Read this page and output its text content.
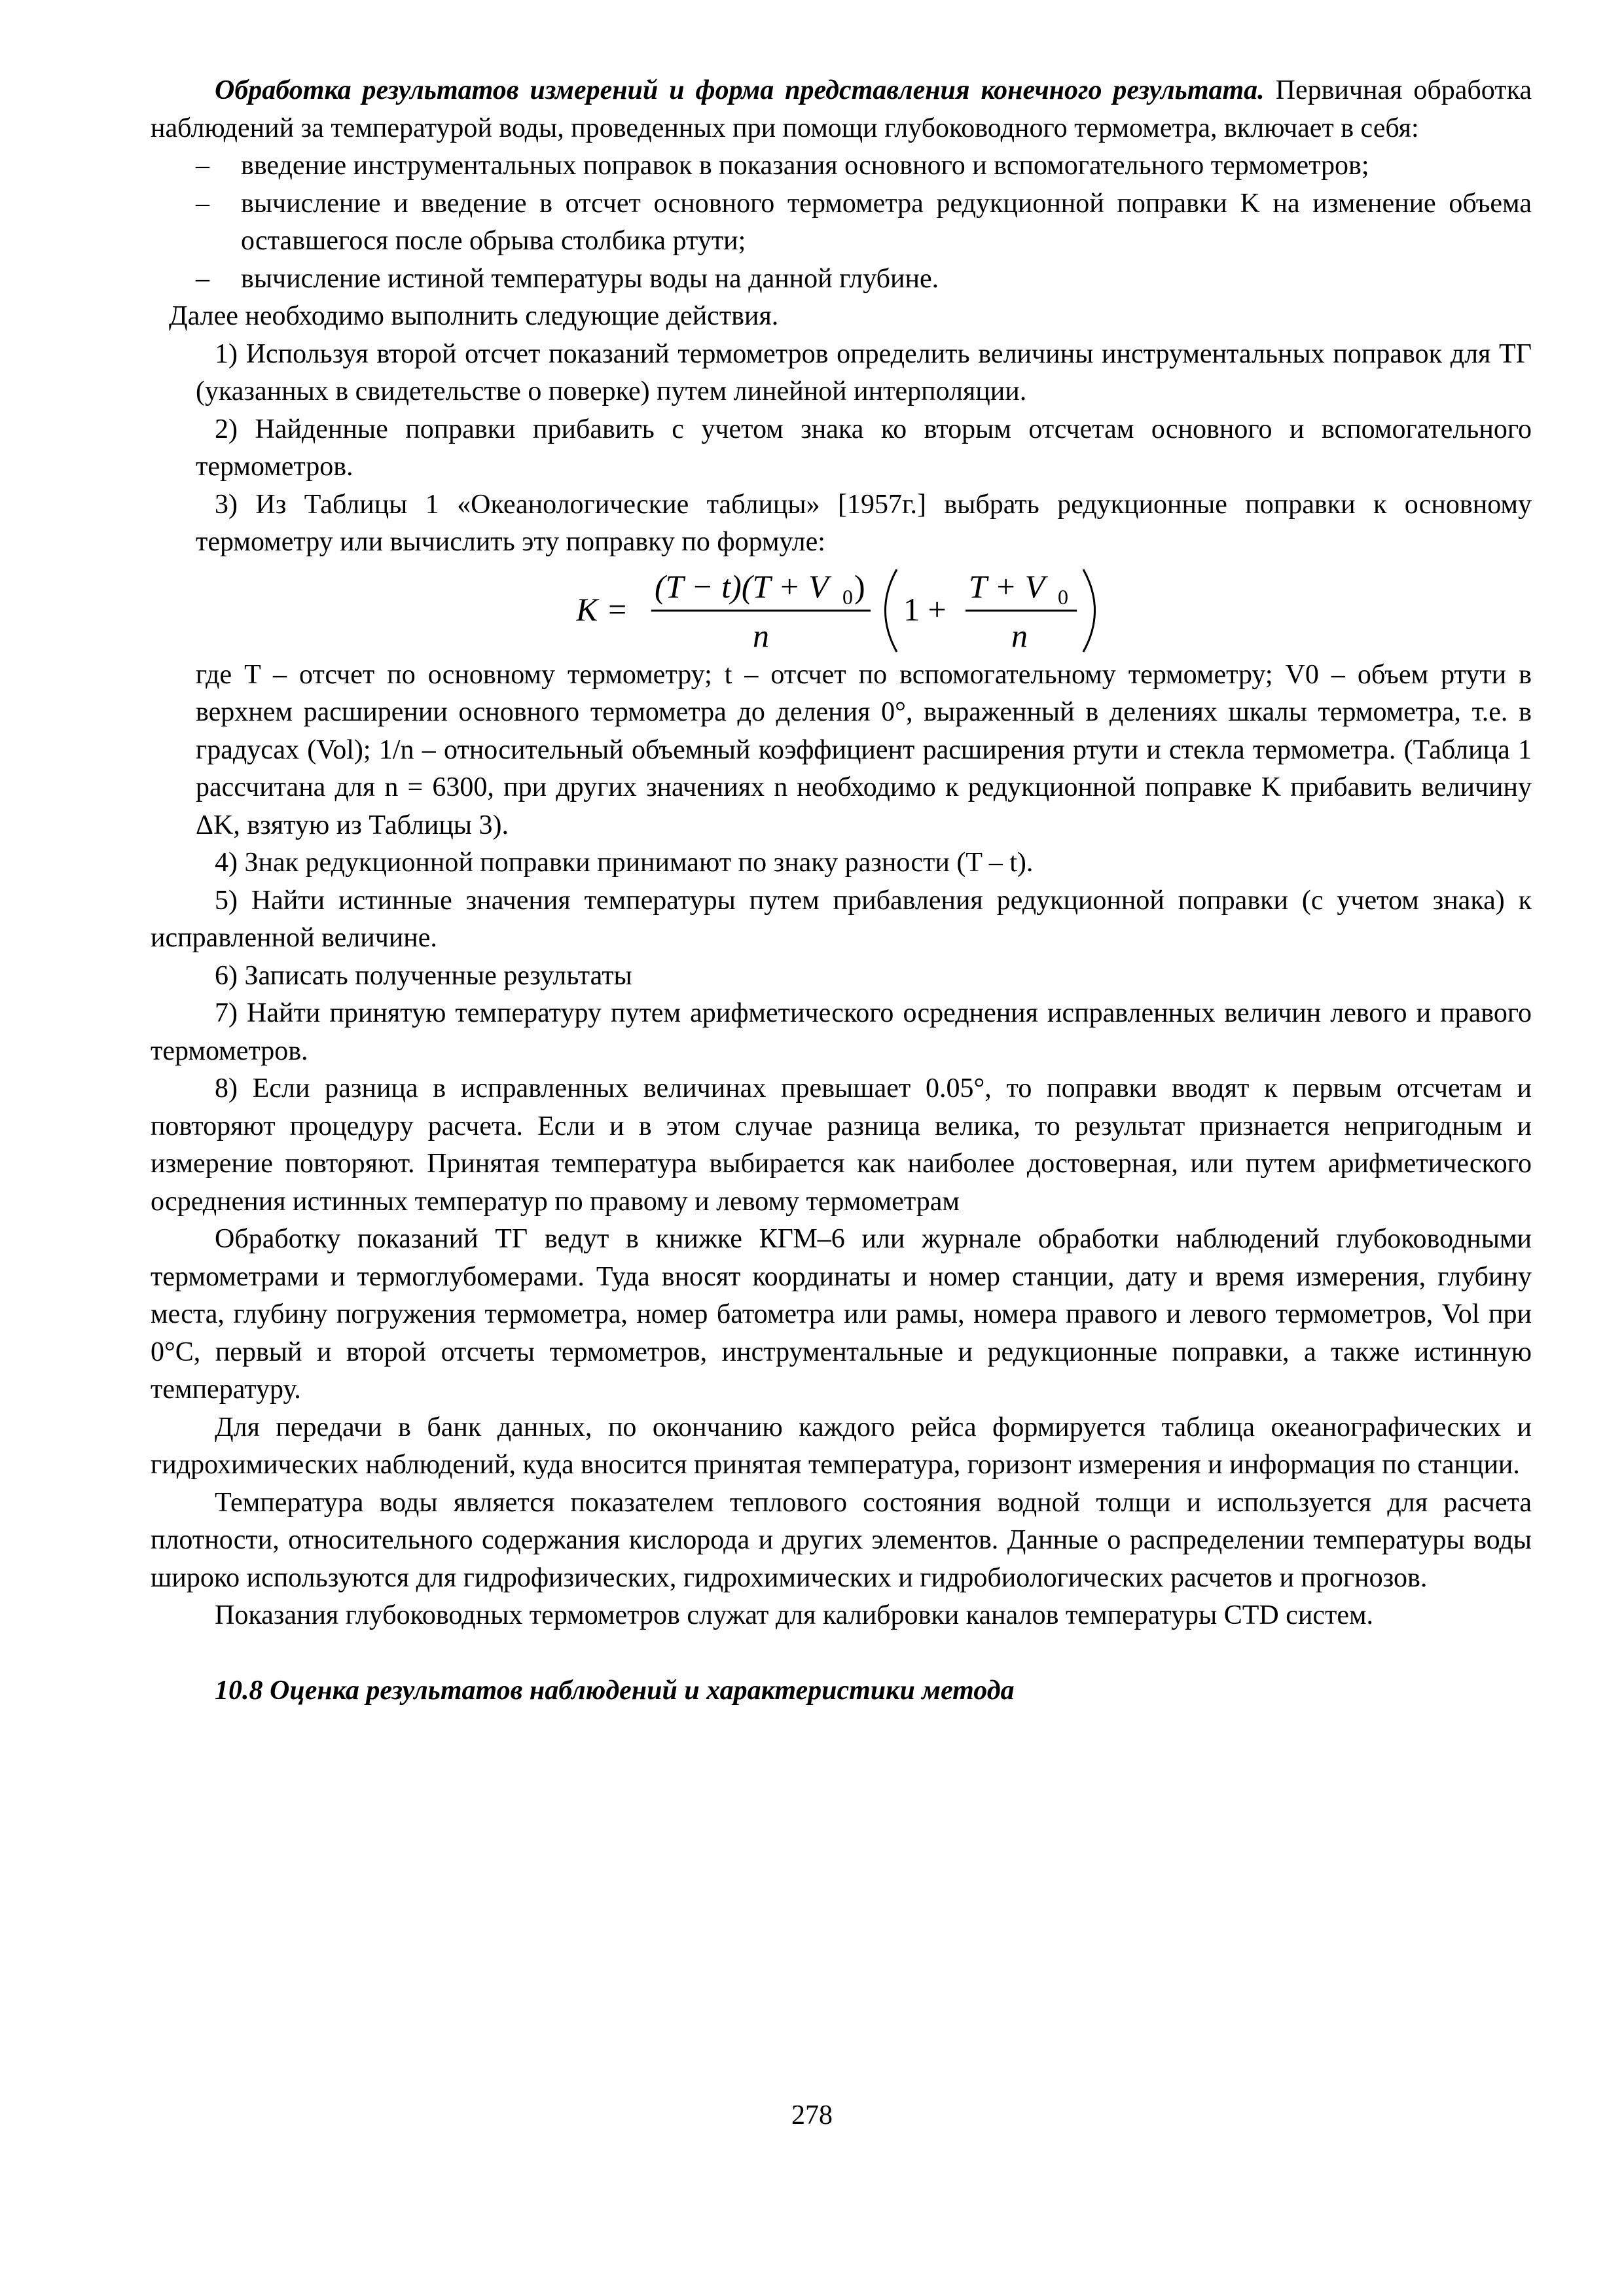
Обработка результатов измерений и форма представления конечного результата. Первичная обработка наблюдений за температурой воды, проведенных при помощи глубоководного термометра, включает в себя:

– введение инструментальных поправок в показания основного и вспомогательного термометров;

– вычисление и введение в отсчет основного термометра редукционной поправки K на изменение объема оставшегося после обрыва столбика ртути;

– вычисление истиной температуры воды на данной глубине.

Далее необходимо выполнить следующие действия.

1) Используя второй отсчет показаний термометров определить величины инструментальных поправок для ТГ (указанных в свидетельстве о поверке) путем линейной интерполяции.

2) Найденные поправки прибавить с учетом знака ко вторым отсчетам основного и вспомогательного термометров.

3) Из Таблицы 1 «Океанологические таблицы» [1957г.] выбрать редукционные поправки к основному термометру или вычислить эту поправку по формуле:

K =
(T − t)(T + V 0 )
n
1 +
T + V 0
n

где T – отсчет по основному термометру; t – отсчет по вспомогательному термометру; V0 – объем ртути в верхнем расширении основного термометра до деления 0°, выраженный в делениях шкалы термометра, т.е. в градусах (Vol); 1/n – относительный объемный коэффициент расширения ртути и стекла термометра. (Таблица 1 рассчитана для n = 6300, при других значениях n необходимо к редукционной поправке K прибавить величину ΔK, взятую из Таблицы 3).

4) Знак редукционной поправки принимают по знаку разности (T – t).

5) Найти истинные значения температуры путем прибавления редукционной поправки (с учетом знака) к исправленной величине.

6) Записать полученные результаты

7) Найти принятую температуру путем арифметического осреднения исправленных величин левого и правого термометров.

8) Если разница в исправленных величинах превышает 0.05°, то поправки вводят к первым отсчетам и повторяют процедуру расчета. Если и в этом случае разница велика, то результат признается непригодным и измерение повторяют. Принятая температура выбирается как наиболее достоверная, или путем арифметического осреднения истинных температур по правому и левому термометрам

Обработку показаний ТГ ведут в книжке КГМ–6 или журнале обработки наблюдений глубоководными термометрами и термоглубомерами. Туда вносят координаты и номер станции, дату и время измерения, глубину места, глубину погружения термометра, номер батометра или рамы, номера правого и левого термометров, Vol при 0°С, первый и второй отсчеты термометров, инструментальные и редукционные поправки, а также истинную температуру.

Для передачи в банк данных, по окончанию каждого рейса формируется таблица океанографических и гидрохимических наблюдений, куда вносится принятая температура, горизонт измерения и информация по станции.

Температура воды является показателем теплового состояния водной толщи и используется для расчета плотности, относительного содержания кислорода и других элементов. Данные о распределении температуры воды широко используются для гидрофизических, гидрохимических и гидробиологических расчетов и прогнозов.

Показания глубоководных термометров служат для калибровки каналов температуры CTD систем.

10.8 Оценка результатов наблюдений и характеристики метода

278
